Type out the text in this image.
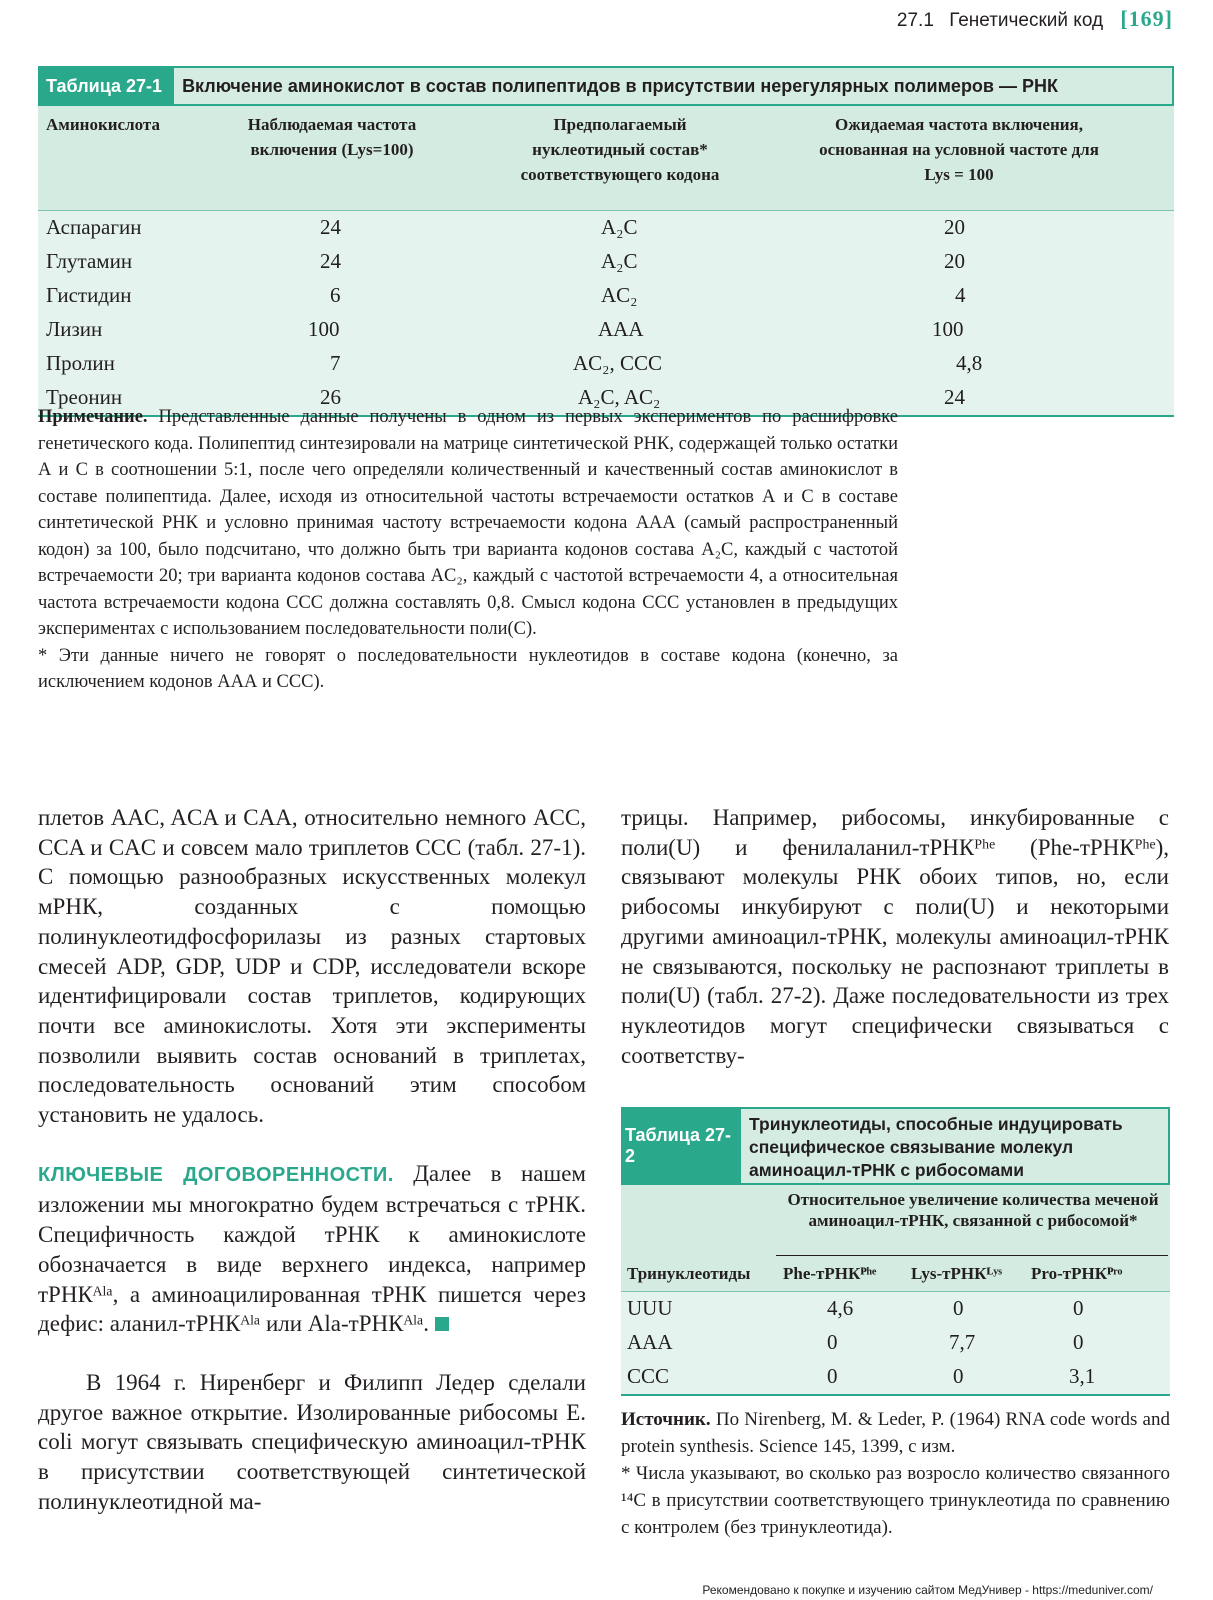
27.1 Генетический код [169]
Таблица 27-1	Включение аминокислот в состав полипептидов в присутствии нерегулярных полимеров — РНК
Аминокислота	Наблюдаемая частота включения (Lys=100)
Предполагаемый нуклеотидный состав* соответствующего кодона
Ожидаемая частота включения, основанная на условной частоте для Lys = 100
Аспарагин	24	A₂C	20
Глутамин	24	A₂C	20
Гистидин	6	AC₂	4
Лизин	100	AAA	100
Пролин	7	AC₂, CCC	4,8
Треонин	26	A₂C, AC₂	24
Примечание. Представленные данные получены в одном из первых экспериментов по расшифровке генетического кода. Полипептид синтезировали на матрице синтетической РНК, содержащей только остатки А и С в соотношении 5:1, после чего определяли количественный и качественный состав аминокислот в составе полипептида. Далее, исходя из относительной частоты встречаемости остатков А и С в составе синтетической РНК и условно принимая частоту встречаемости кодона ААА (самый распространенный кодон) за 100, было подсчитано, что должно быть три варианта кодонов состава A₂C, каждый с частотой встречаемости 20; три варианта кодонов состава AC₂, каждый с частотой встречаемости 4, а относительная частота встречаемости кодона ССС должна составлять 0,8. Смысл кодона ССС установлен в предыдущих экспериментах с использованием последовательности поли(С).
* Эти данные ничего не говорят о последовательности нуклеотидов в составе кодона (конечно, за исключением кодонов ААА и ССС).
плетов AAC, ACA и CAA, относительно немного ACC, CCA и CAC и совсем мало триплетов CCC (табл. 27-1). С помощью разнообразных искусственных молекул мРНК, созданных с помощью полинуклеотидфосфорилазы из разных стартовых смесей ADP, GDP, UDP и CDP, исследователи вскоре идентифицировали состав триплетов, кодирующих почти все аминокислоты. Хотя эти эксперименты позволили выявить состав оснований в триплетах, последовательность оснований этим способом установить не удалось.
КЛЮЧЕВЫЕ ДОГОВОРЕННОСТИ. Далее в нашем изложении мы многократно будем встречаться с тРНК. Специфичность каждой тРНК к аминокислоте обозначается в виде верхнего индекса, например тРНКᴬˡᵃ, а аминоацилированная тРНК пишется через дефис: аланил-тРНКᴬˡᵃ или Ala-тРНКᴬˡᵃ.
В 1964 г. Ниренберг и Филипп Ледер сделали другое важное открытие. Изолированные рибосомы E. coli могут связывать специфическую аминоацил-тРНК в присутствии соответствующей синтетической полинуклеотидной ма-
трицы. Например, рибосомы, инкубированные с поли(U) и фенилаланил-тРНКᴾʰᵉ (Phe-тРНКᴾʰᵉ), связывают молекулы РНК обоих типов, но, если рибосомы инкубируют с поли(U) и некоторыми другими аминоацил-тРНК, молекулы аминоацил-тРНК не связываются, поскольку не распознают триплеты в поли(U) (табл. 27-2). Даже последовательности из трех нуклеотидов могут специфически связываться с соответству-
Таблица 27-2
Тринуклеотиды, способные индуцировать специфическое связывание молекул аминоацил-тРНК с рибосомами
Относительное увеличение количества меченой аминоацил-тРНК, связанной с рибосомой*
Тринуклеотиды Phe-тРНКᴾʰᵉ Lys-тРНКᴸʸˢ Pro-тРНКᴾʳᵒ
UUU	4,6	0	0
AAA	0	7,7	0
CCC	0	0	3,1
Источник. По Nirenberg, M. & Leder, P. (1964) RNA code words and protein synthesis. Science 145, 1399, с изм.
* Числа указывают, во сколько раз возросло количество связанного ¹⁴C в присутствии соответствующего тринуклеотида по сравнению с контролем (без тринуклеотида).
Рекомендовано к покупке и изучению сайтом МедУнивер - https://meduniver.com/
